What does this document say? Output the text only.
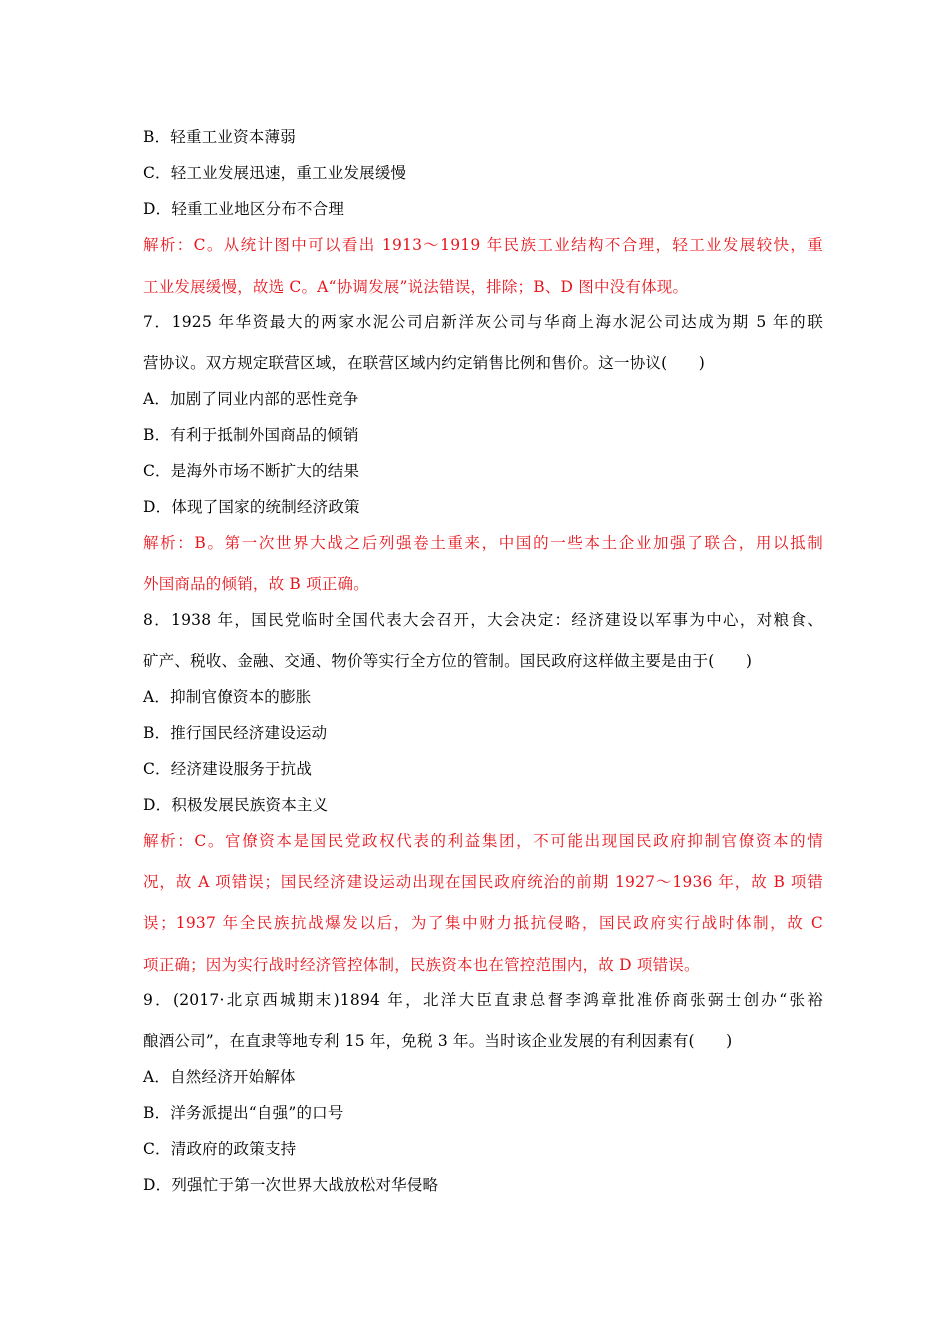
B．轻重工业资本薄弱
C．轻工业发展迅速，重工业发展缓慢
D．轻重工业地区分布不合理
解析：C。从统计图中可以看出 1913～1919 年民族工业结构不合理，轻工业发展较快，重
工业发展缓慢，故选 C。A“协调发展”说法错误，排除；B、D 图中没有体现。
7．1925 年华资最大的两家水泥公司启新洋灰公司与华商上海水泥公司达成为期 5 年的联
营协议。双方规定联营区域，在联营区域内约定销售比例和售价。这一协议(　　)
A．加剧了同业内部的恶性竞争
B．有利于抵制外国商品的倾销
C．是海外市场不断扩大的结果
D．体现了国家的统制经济政策
解析：B。第一次世界大战之后列强卷土重来，中国的一些本土企业加强了联合，用以抵制
外国商品的倾销，故 B 项正确。
8．1938 年，国民党临时全国代表大会召开，大会决定：经济建设以军事为中心，对粮食、
矿产、税收、金融、交通、物价等实行全方位的管制。国民政府这样做主要是由于(　　)
A．抑制官僚资本的膨胀
B．推行国民经济建设运动
C．经济建设服务于抗战
D．积极发展民族资本主义
解析：C。官僚资本是国民党政权代表的利益集团，不可能出现国民政府抑制官僚资本的情
况，故 A 项错误；国民经济建设运动出现在国民政府统治的前期 1927～1936 年，故 B 项错
误；1937 年全民族抗战爆发以后，为了集中财力抵抗侵略，国民政府实行战时体制，故 C
项正确；因为实行战时经济管控体制，民族资本也在管控范围内，故 D 项错误。
9．(2017·北京西城期末)1894 年，北洋大臣直隶总督李鸿章批准侨商张弼士创办“张裕
酿酒公司”，在直隶等地专利 15 年，免税 3 年。当时该企业发展的有利因素有(　　)
A．自然经济开始解体
B．洋务派提出“自强”的口号
C．清政府的政策支持
D．列强忙于第一次世界大战放松对华侵略
